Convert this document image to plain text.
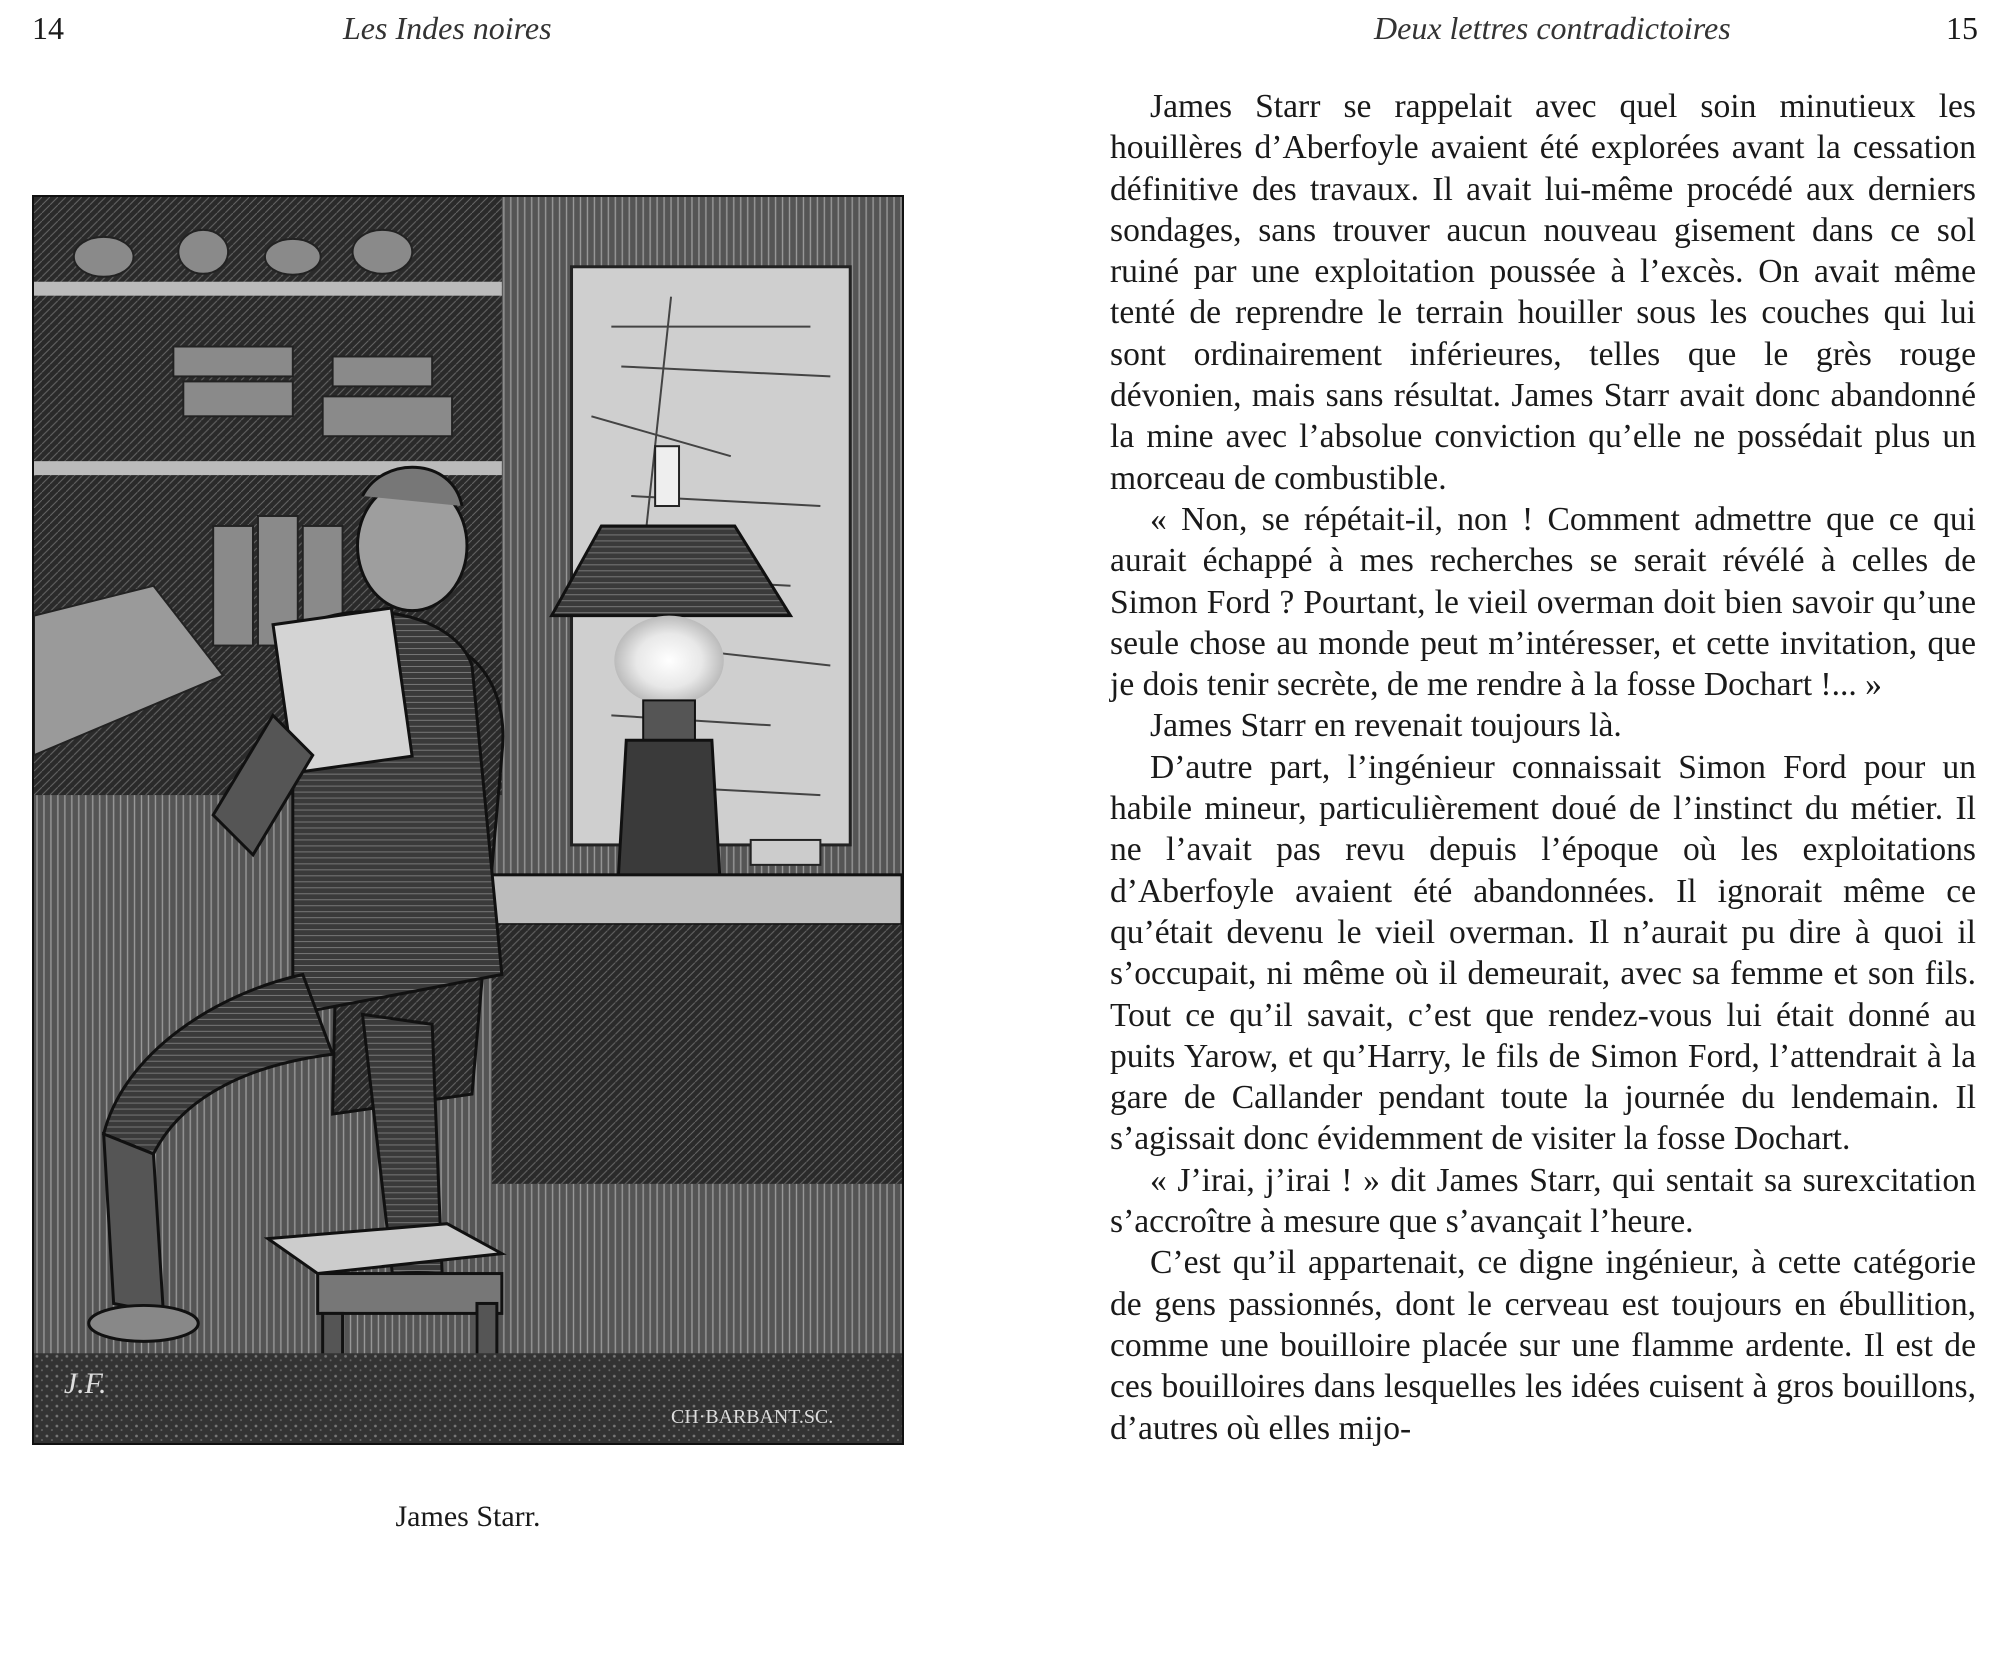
14	Les Indes noires
J.F.
CH·BARBANT.SC.
James Starr.
Deux lettres contradictoires	15

James Starr se rappelait avec quel soin minutieux les houillères d’Aberfoyle avaient été explorées avant la cessation définitive des travaux. Il avait lui-même procédé aux derniers sondages, sans trouver aucun nouveau gisement dans ce sol ruiné par une exploitation poussée à l’excès. On avait même tenté de reprendre le terrain houiller sous les couches qui lui sont ordinairement inférieures, telles que le grès rouge dévonien, mais sans résultat. James Starr avait donc abandonné la mine avec l’absolue conviction qu’elle ne possédait plus un morceau de combustible.

« Non, se répétait-il, non ! Comment admettre que ce qui aurait échappé à mes recherches se serait révélé à celles de Simon Ford ? Pourtant, le vieil overman doit bien savoir qu’une seule chose au monde peut m’intéresser, et cette invitation, que je dois tenir secrète, de me rendre à la fosse Dochart !... »

James Starr en revenait toujours là.

D’autre part, l’ingénieur connaissait Simon Ford pour un habile mineur, particulièrement doué de l’instinct du métier. Il ne l’avait pas revu depuis l’époque où les exploitations d’Aberfoyle avaient été abandonnées. Il ignorait même ce qu’était devenu le vieil overman. Il n’aurait pu dire à quoi il s’occupait, ni même où il demeurait, avec sa femme et son fils. Tout ce qu’il savait, c’est que rendez-vous lui était donné au puits Yarow, et qu’Harry, le fils de Simon Ford, l’attendrait à la gare de Callander pendant toute la journée du lendemain. Il s’agissait donc évidemment de visiter la fosse Dochart.

« J’irai, j’irai ! » dit James Starr, qui sentait sa surexcitation s’accroître à mesure que s’avançait l’heure.

C’est qu’il appartenait, ce digne ingénieur, à cette catégorie de gens passionnés, dont le cerveau est toujours en ébullition, comme une bouilloire placée sur une flamme ardente. Il est de ces bouilloires dans lesquelles les idées cuisent à gros bouillons, d’autres où elles mijo-
